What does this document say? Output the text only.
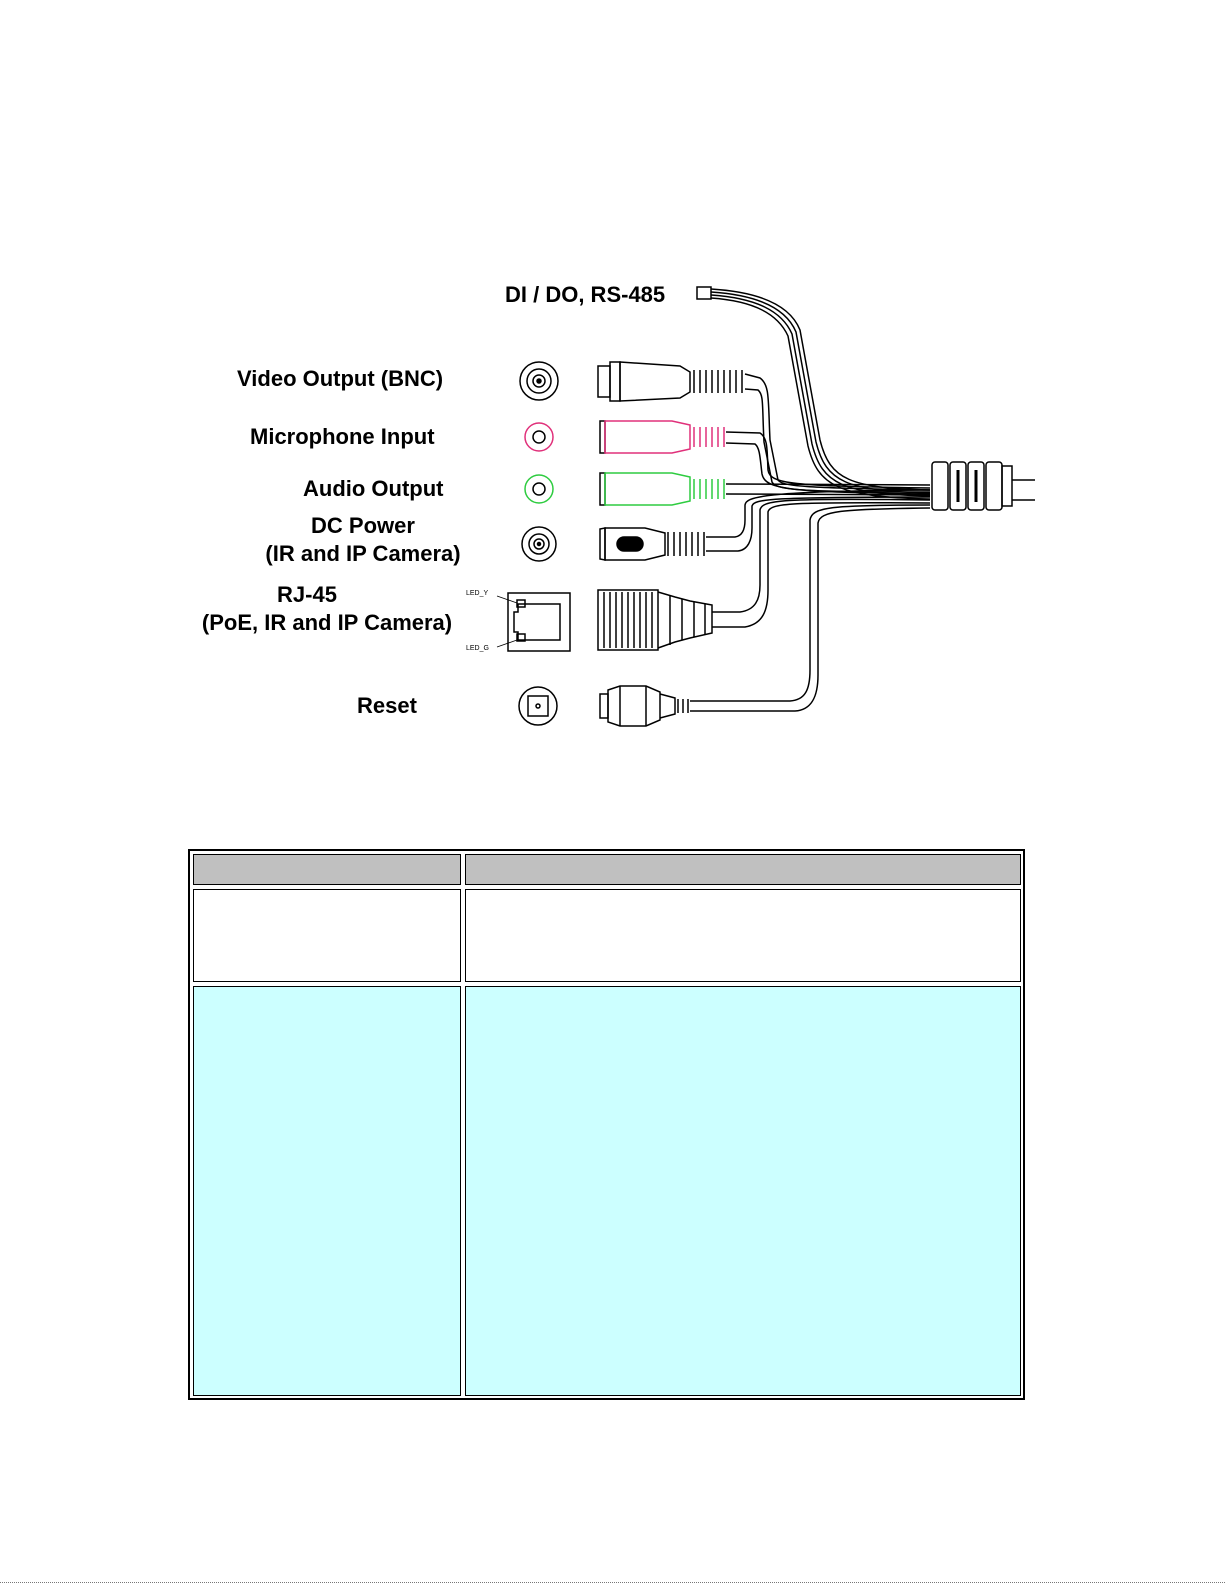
DI / DO, RS-485
Video Output (BNC)
Microphone Input
Audio Output
DC Power
(IR and IP Camera)
RJ-45
(PoE, IR and IP Camera)
LED_Y
LED_G
Reset
